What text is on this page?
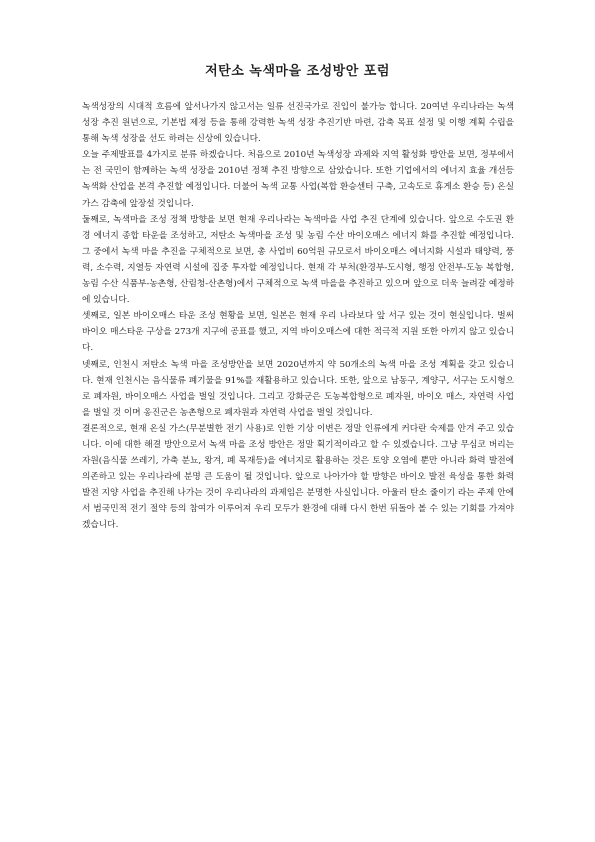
저탄소 녹색마을 조성방안 포럼

녹색성장의 시대적 흐름에 앞서나가지 않고서는 일류 선진국가로 진입이 불가능 합니다. 20여년 우리나라는 녹색 성장 추진 원년으로, 기본법 제정 등을 통해 강력한 녹색 성장 추진기반 마련, 감축 목표 설정 및 이행 계획 수립을 통해 녹색 성장을 선도 하려는 신상에 있습니다.

오늘 주제발표를 4가지로 분류 하겠습니다. 처음으로 2010년 녹색성장 과제와 지역 활성화 방안을 보면, 정부에서는 전 국민이 함께하는 녹색 성장을 2010년 정책 추진 방향으로 삼았습니다. 또한 기업에서의 에너지 효율 개선등 녹색화 산업을 본격 추진할 예정입니다. 더불어 녹색 교통 사업(복합 환승센터 구축, 고속도로 휴게소 환승 등) 온실 가스 감축에 앞장설 것입니다.

둘째로, 녹색마을 조성 정책 방향을 보면 현재 우리나라는 녹색마을 사업 추진 단계에 있습니다. 앞으로 수도권 환경 에너지 종합 타운을 조성하고, 저탄소 녹색마을 조성 및 농림 수산 바이오매스 에너지 화를 추진할 예정입니다. 그 중에서 녹색 마을 추진을 구체적으로 보면, 총 사업비 60억원 규모로서 바이오매스 에너지화 시설과 태양력, 풍력, 소수력, 지열등 자연력 시설에 집중 투자할 예정입니다. 현재 각 부처(환경부-도시형, 행정 안전부-도농 복합형, 농림 수산 식품부-농촌형, 산림청-산촌형)에서 구체적으로 녹색 마을을 추진하고 있으며 앞으로 더욱 늘려갈 예정하에 있습니다.

셋째로, 일본 바이오매스 타운 조성 현황을 보면, 일본은 현재 우리 나라보다 앞 서구 있는 것이 현실입니다. 벌써 바이오 매스타운 구상을 273개 지구에 공표를 했고, 지역 바이오매스에 대한 적극적 지원 또한 아끼지 않고 있습니다.

넷째로, 인천시 저탄소 녹색 마을 조성방안을 보면 2020년까지 약 50개소의 녹색 마을 조성 계획을 갖고 있습니다. 현재 인천시는 음식물류 폐기물을 91%를 재활용하고 있습니다. 또한, 앞으로 남동구, 계양구, 서구는 도시형으로 폐자원, 바이오매스 사업을 벌일 것입니다. 그리고 강화군은 도농복합형으로 폐자원, 바이오 매스, 자연력 사업을 벌일 것 이며 옹진군은 농촌형으로 폐자원과 자연력 사업을 벌일 것입니다.

결론적으로, 현재 온실 가스(무분별한 전기 사용)로 인한 기상 이변은 정말 인류에게 커다란 숙제를 안겨 주고 있습니다. 이에 대한 해결 방안으로서 녹색 마을 조성 방안은 정말 획기적이라고 할 수 있겠습니다. 그냥 무심코 버리는 자원(음식물 쓰레기, 가축 분뇨, 왕겨, 폐 목재등)을 에너지로 활용하는 것은 토양 오염에 뿐만 아니라 화력 발전에 의존하고 있는 우리나라에 분명 큰 도움이 될 것입니다. 앞으로 나아가야 할 방향은 바이오 발전 육성을 통한 화력 발전 지양 사업을 추진해 나가는 것이 우리나라의 과제임은 분명한 사실입니다. 아울러 탄소 줄이기 라는 주제 안에서 범국민적 전기 절약 등의 참여가 이루어져 우리 모두가 환경에 대해 다시 한번 뒤돌아 볼 수 있는 기회를 가져야겠습니다.
